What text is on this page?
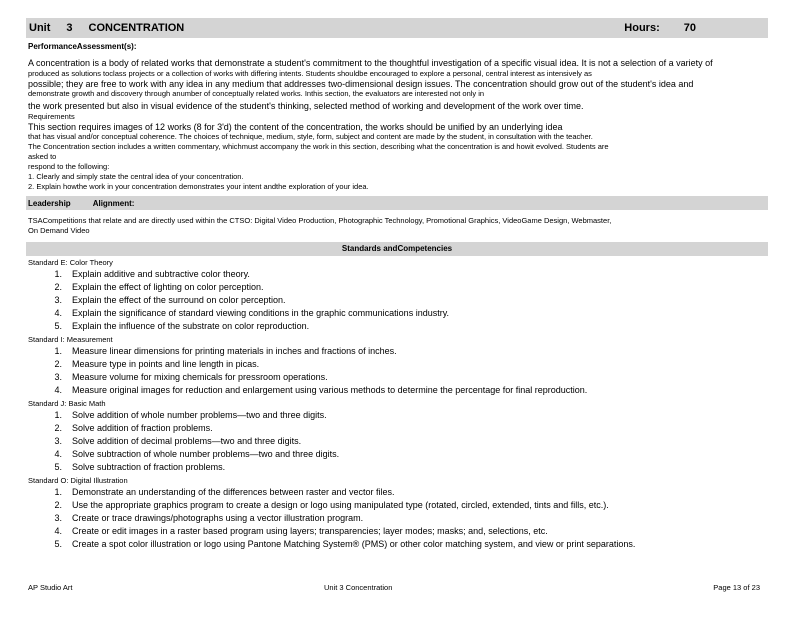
Unit 3 CONCENTRATION	Hours: 70
PerformanceAssessment(s):
A concentration is a body of related works that demonstrate a student's commitment to the thoughtful investigation of a specific visual idea. It is not a selection of a variety of
produced as solutions toclass projects or a collection of works with differing intents. Students shouldbe encouraged to explore a personal, central interest as intensively as
possible; they are free to work with any idea in any medium that addresses two-dimensional design issues. The concentration should grow out of the student's idea and
demonstrate growth and discovery through anumber of conceptually related works. Inthis section, the evaluators are interested not only in
the work presented but also in visual evidence of the student's thinking, selected method of working and development of the work over time.
Requirements
This section requires images of 12 works (8 for 3'd) the content of the concentration, the works should be unified by an underlying idea
that has visual and/or conceptual coherence. The choices of technique, medium, style, form, subject and content are made by the student, in consultation with the teacher.
The Concentration section includes a written commentary, whichmust accompany the work in this section, describing what the concentration is and howit evolved. Students are
asked to
respond to the following:
1. Clearly and simply state the central idea of your concentration.
2. Explain howthe work in your concentration demonstrates your intent andthe exploration of your idea.
Leadership	Alignment:
TSACompetitions that relate and are directly used within the CTSO: Digital Video Production, Photographic Technology, Promotional Graphics, VideoGame Design, Webmaster,
On Demand Video
Standards andCompetencies
Standard E: Color Theory
1. Explain additive and subtractive color theory.
2. Explain the effect of lighting on color perception.
3. Explain the effect of the surround on color perception.
4. Explain the significance of standard viewing conditions in the graphic communications industry.
5. Explain the influence of the substrate on color reproduction.
Standard I: Measurement
1. Measure linear dimensions for printing materials in inches and fractions of inches.
2. Measure type in points and line length in picas.
3. Measure volume for mixing chemicals for pressroom operations.
4. Measure original images for reduction and enlargement using various methods to determine the percentage for final reproduction.
Standard J: Basic Math
1. Solve addition of whole number problems—two and three digits.
2. Solve addition of fraction problems.
3. Solve addition of decimal problems—two and three digits.
4. Solve subtraction of whole number problems—two and three digits.
5. Solve subtraction of fraction problems.
Standard O: Digital Illustration
1. Demonstrate an understanding of the differences between raster and vector files.
2. Use the appropriate graphics program to create a design or logo using manipulated type (rotated, circled, extended, tints and fills, etc.).
3. Create or trace drawings/photographs using a vector illustration program.
4. Create or edit images in a raster based program using layers; transparencies; layer modes; masks; and, selections, etc.
5. Create a spot color illustration or logo using Pantone Matching System® (PMS) or other color matching system, and view or print separations.
AP Studio Art	Unit 3 Concentration	Page 13 of 23
